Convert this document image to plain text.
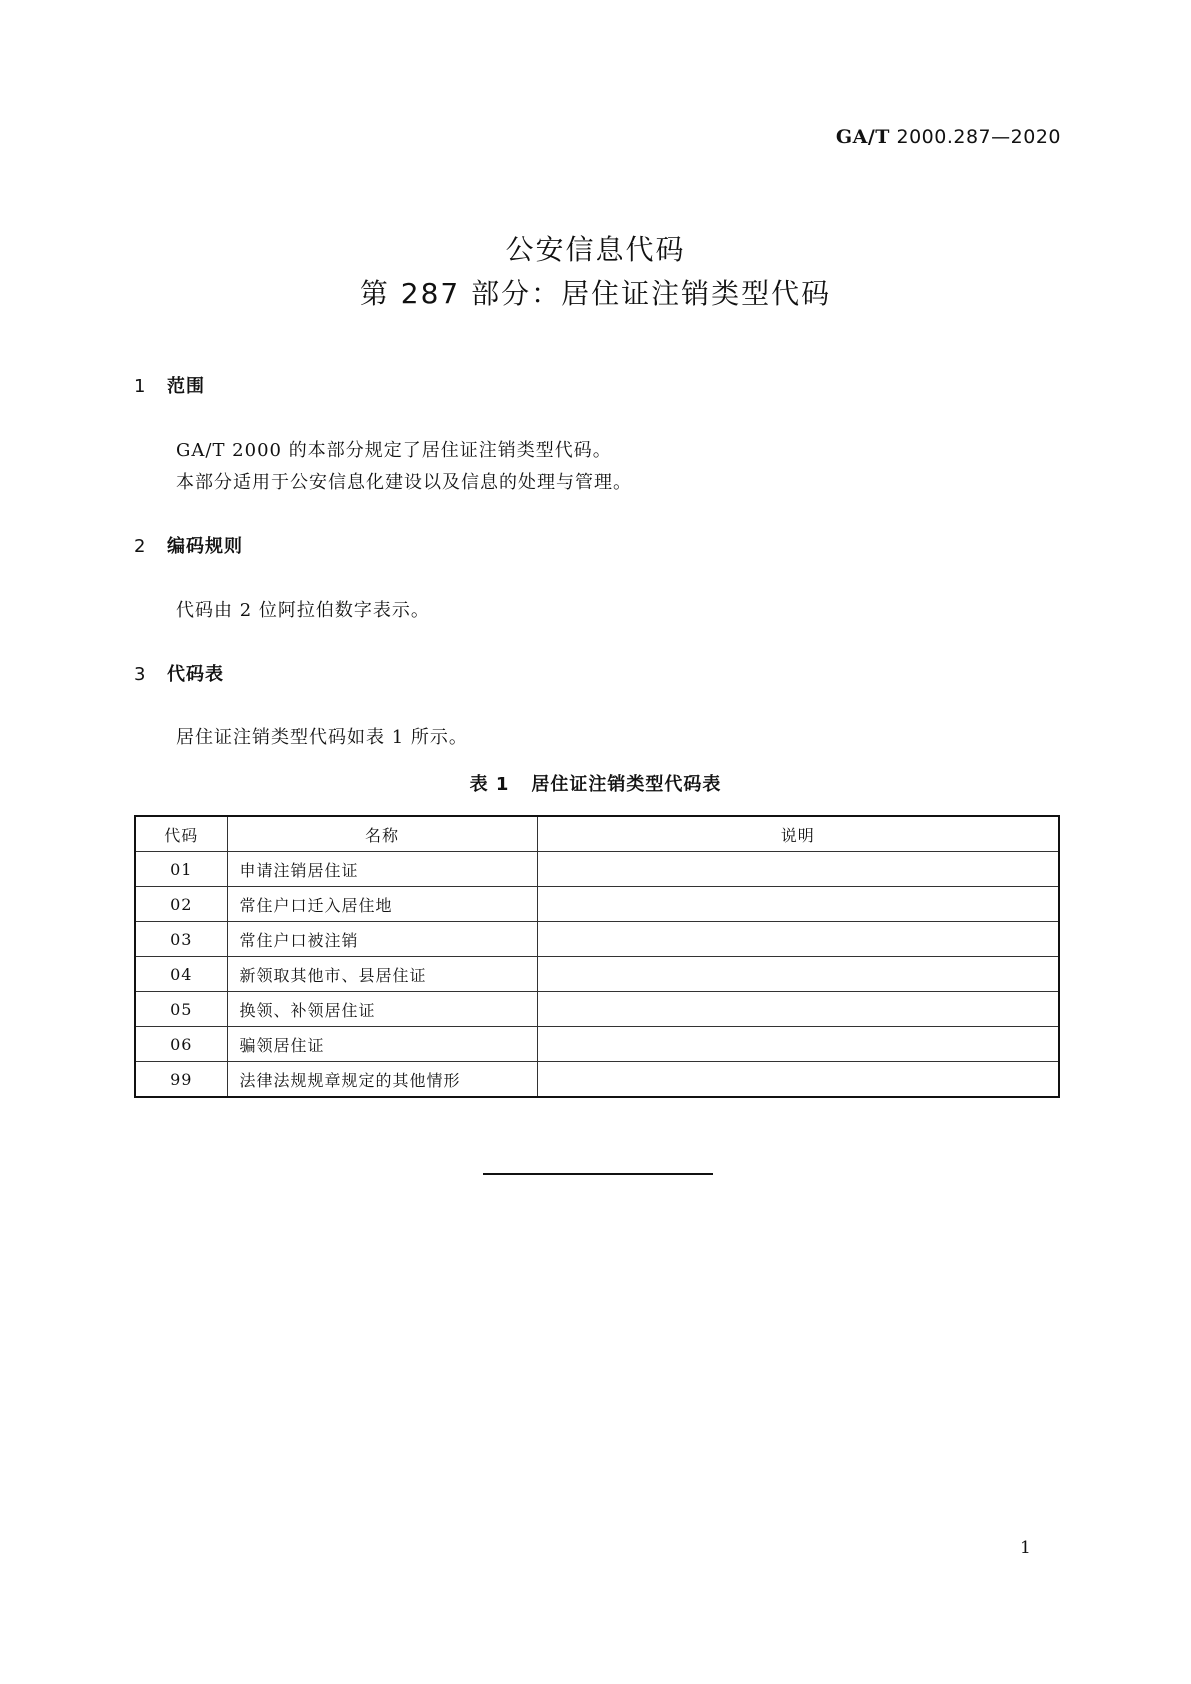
GA/T 2000.287—2020
公安信息代码
第 287 部分：居住证注销类型代码
1 范围
GA/T 2000 的本部分规定了居住证注销类型代码。
本部分适用于公安信息化建设以及信息的处理与管理。
2 编码规则
代码由 2 位阿拉伯数字表示。
3 代码表
居住证注销类型代码如表 1 所示。
表 1 居住证注销类型代码表
代码	名称	说明
01	申请注销居住证	
02	常住户口迁入居住地	
03	常住户口被注销	
04	新领取其他市、县居住证	
05	换领、补领居住证	
06	骗领居住证	
99	法律法规规章规定的其他情形	
1
